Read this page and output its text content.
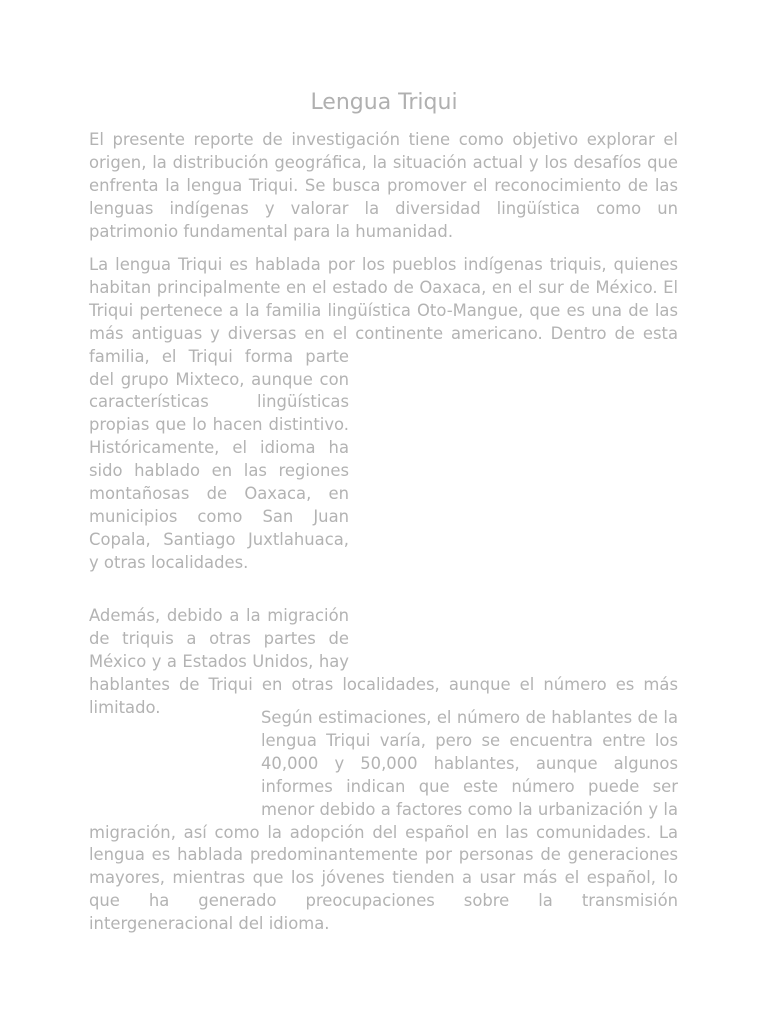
Lengua Triqui

El presente reporte de investigación tiene como objetivo explorar el origen, la distribución geográfica, la situación actual y los desafíos que enfrenta la lengua Triqui. Se busca promover el reconocimiento de las lenguas indígenas y valorar la diversidad lingüística como un patrimonio fundamental para la humanidad.

La lengua Triqui es hablada por los pueblos indígenas triquis, quienes habitan principalmente en el estado de Oaxaca, en el sur de México. El Triqui pertenece a la familia lingüística Oto-Mangue, que es una de las más antiguas y diversas en el continente americano. Dentro de esta familia, el Triqui forma parte del grupo Mixteco, aunque con características lingüísticas propias que lo hacen distintivo. Históricamente, el idioma ha sido hablado en las regiones montañosas de Oaxaca, en municipios como San Juan Copala, Santiago Juxtlahuaca, y otras localidades.

Además, debido a la migración de triquis a otras partes de México y a Estados Unidos, hay hablantes de Triqui en otras localidades, aunque el número es más limitado.

Según estimaciones, el número de hablantes de la lengua Triqui varía, pero se encuentra entre los 40,000 y 50,000 hablantes, aunque algunos informes indican que este número puede ser menor debido a factores como la urbanización y la migración, así como la adopción del español en las comunidades. La lengua es hablada predominantemente por personas de generaciones mayores, mientras que los jóvenes tienden a usar más el español, lo que ha generado preocupaciones sobre la transmisión intergeneracional del idioma.
